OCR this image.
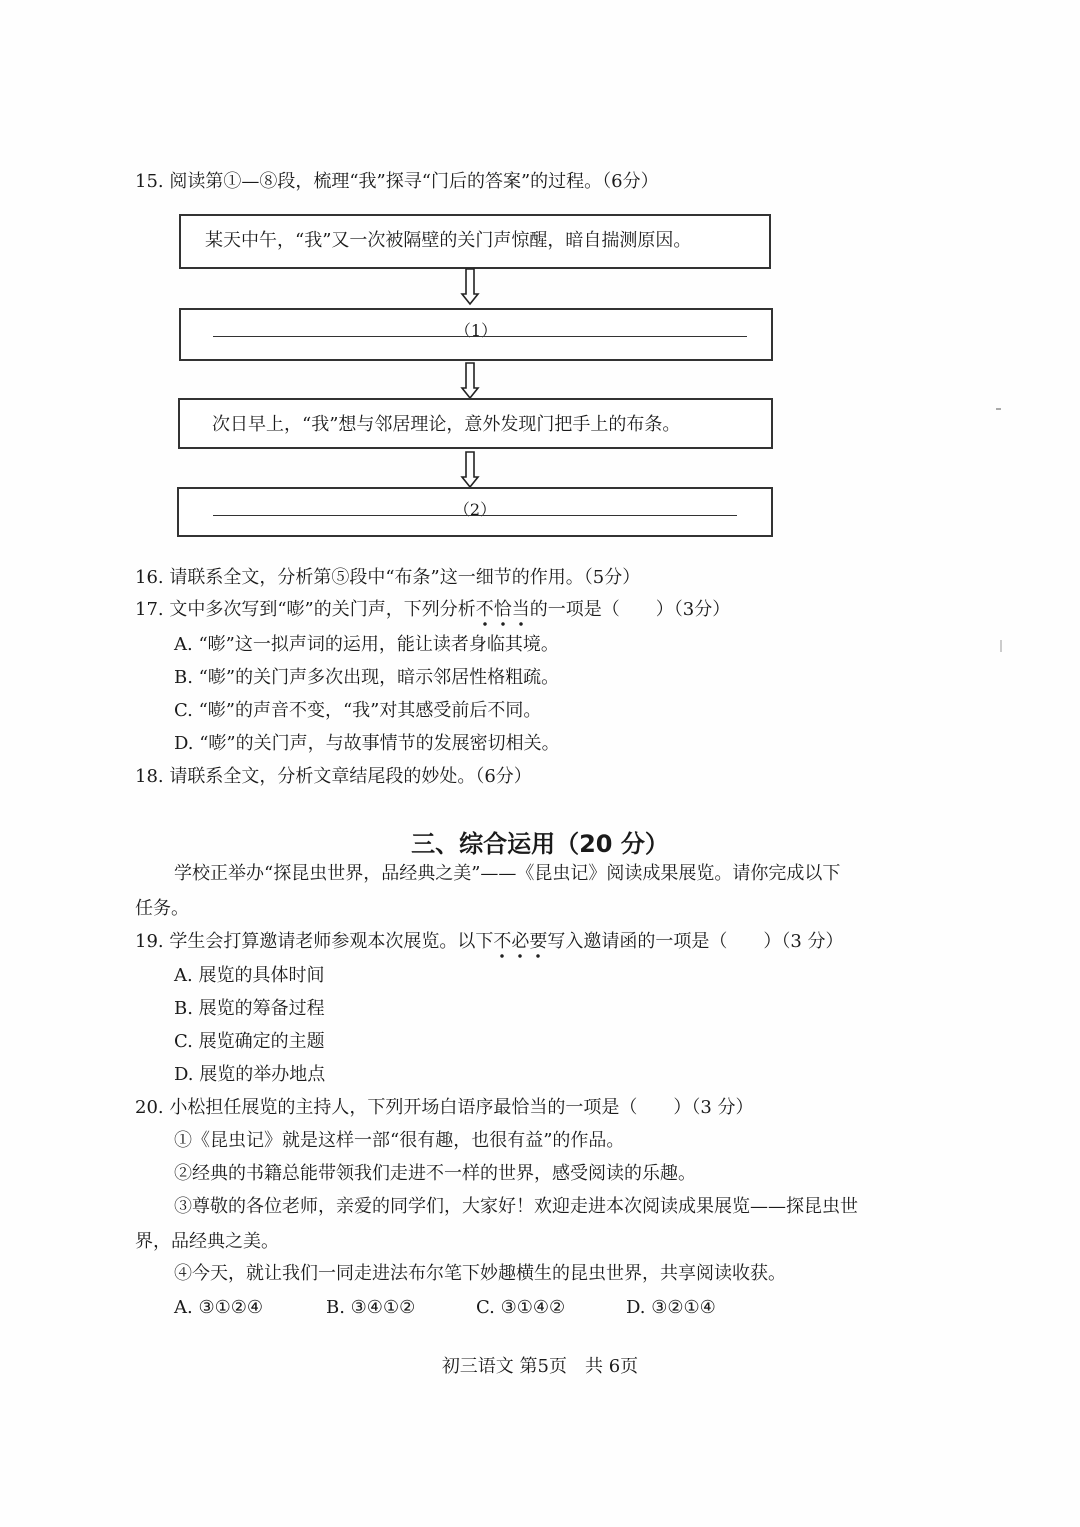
15. 阅读第①—⑧段，梳理“我”探寻“门后的答案”的过程。（6分）
某天中午，“我”又一次被隔壁的关门声惊醒，暗自揣测原因。
（1）
次日早上，“我”想与邻居理论，意外发现门把手上的布条。
（2）
16. 请联系全文，分析第⑤段中“布条”这一细节的作用。（5分）
17. 文中多次写到“嘭”的关门声，下列分析不恰当的一项是（　　）（3分）
A. “嘭”这一拟声词的运用，能让读者身临其境。
B. “嘭”的关门声多次出现，暗示邻居性格粗疏。
C. “嘭”的声音不变，“我”对其感受前后不同。
D. “嘭”的关门声，与故事情节的发展密切相关。
18. 请联系全文，分析文章结尾段的妙处。（6分）
三、综合运用（20 分）
学校正举办“探昆虫世界，品经典之美”——《昆虫记》阅读成果展览。请你完成以下
任务。
19. 学生会打算邀请老师参观本次展览。以下不必要写入邀请函的一项是（　　）（3 分）
A. 展览的具体时间
B. 展览的筹备过程
C. 展览确定的主题
D. 展览的举办地点
20. 小松担任展览的主持人，下列开场白语序最恰当的一项是（　　）（3 分）
①《昆虫记》就是这样一部“很有趣，也很有益”的作品。
②经典的书籍总能带领我们走进不一样的世界，感受阅读的乐趣。
③尊敬的各位老师，亲爱的同学们，大家好！欢迎走进本次阅读成果展览——探昆虫世
界，品经典之美。
④今天，就让我们一同走进法布尔笔下妙趣横生的昆虫世界，共享阅读收获。
A. ③①②④	B. ③④①②	C. ③①④②	D. ③②①④
初三语文 第5页　共 6页
